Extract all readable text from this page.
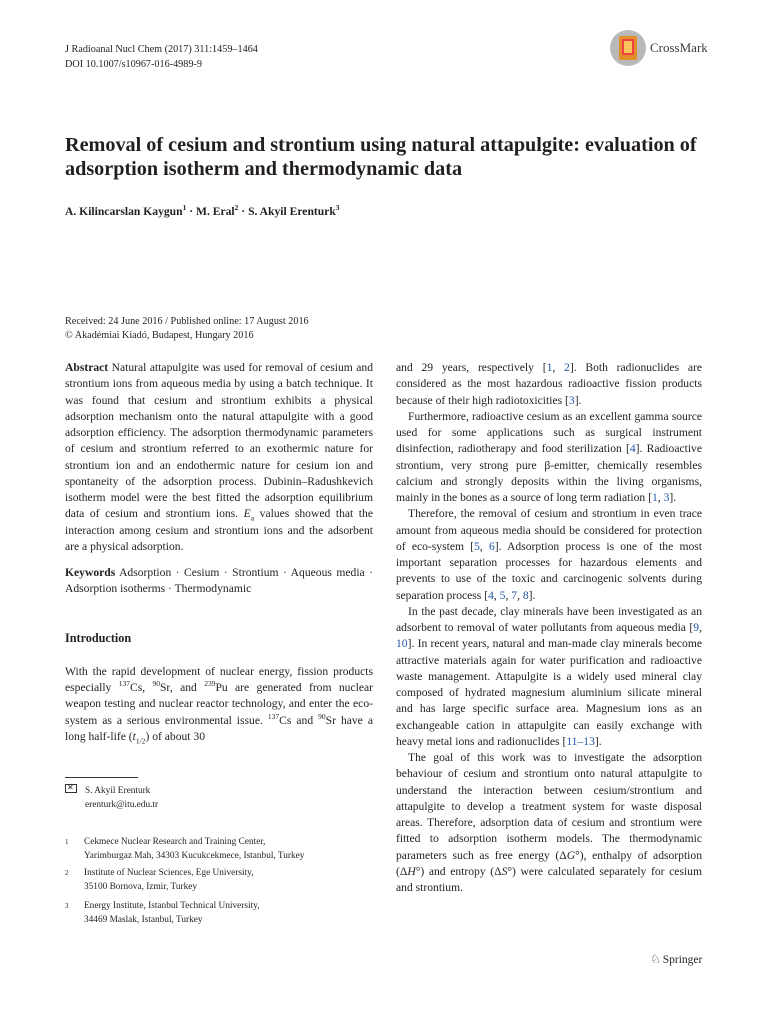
J Radioanal Nucl Chem (2017) 311:1459–1464
DOI 10.1007/s10967-016-4989-9
CrossMark
Removal of cesium and strontium using natural attapulgite: evaluation of adsorption isotherm and thermodynamic data
A. Kilincarslan Kaygun$^1$ · M. Eral$^2$ · S. Akyil Erenturk$^3$
Received: 24 June 2016 / Published online: 17 August 2016
© Akadémiai Kiadó, Budapest, Hungary 2016

Abstract Natural attapulgite was used for removal of cesium and strontium ions from aqueous media by using a batch technique. It was found that cesium and strontium exhibits a physical adsorption mechanism onto the natural attapulgite with a good adsorption efficiency. The adsorption thermodynamic parameters of cesium and strontium referred to an exothermic nature for strontium ion and an endothermic nature for cesium ion and spontaneity of the adsorption process. Dubinin–Radushkevich isotherm model were the best fitted the adsorption equilibrium data of cesium and strontium ions. $E_a$ values showed that the interaction among cesium and strontium ions and the adsorbent are a physical adsorption.

Keywords Adsorption · Cesium · Strontium · Aqueous media · Adsorption isotherms · Thermodynamic

Introduction

With the rapid development of nuclear energy, fission products especially $^{137}$Cs, $^{90}$Sr, and $^{239}$Pu are generated from nuclear weapon testing and nuclear reactor technology, and enter the eco-system as a serious environmental issue. $^{137}$Cs and $^{90}$Sr have a long half-life $(t_{1/2})$ of about 30

and 29 years, respectively [1, 2]. Both radionuclides are considered as the most hazardous radioactive fission products because of their high radiotoxicities [3].

Furthermore, radioactive cesium as an excellent gamma source used for some applications such as surgical instrument disinfection, radiotherapy and food sterilization [4]. Radioactive strontium, very strong pure β-emitter, chemically resembles calcium and strongly deposits within the living organisms, mainly in the bones as a source of long term radiation [1, 3].

Therefore, the removal of cesium and strontium in even trace amount from aqueous media should be considered for protection of eco-system [5, 6]. Adsorption process is one of the most important separation processes for hazardous elements and prevents to use of the toxic and carcinogenic solvents during separation process [4, 5, 7, 8].

In the past decade, clay minerals have been investigated as an adsorbent to removal of water pollutants from aqueous media [9, 10]. In recent years, natural and man-made clay minerals become attractive materials again for water purification and radioactive waste management. Attapulgite is a widely used mineral clay composed of hydrated magnesium aluminium silicate mineral and has large specific surface area. Magnesium ions as an exchangeable cation in attapulgite can easily exchange with heavy metal ions and radionuclides [11–13].

The goal of this work was to investigate the adsorption behaviour of cesium and strontium onto natural attapulgite to understand the interaction between cesium/strontium and attapulgite to develop a treatment system for waste disposal areas. Therefore, adsorption data of cesium and strontium were fitted to adsorption isotherm models. The thermodynamic parameters such as free energy (ΔG°), enthalpy of adsorption (ΔH°) and entropy (ΔS°) were calculated separately for cesium and strontium.

✕S. Akyil Erenturk
erenturk@itu.edu.tr
1 Cekmece Nuclear Research and Training Center,
Yarimburgaz Mah, 34303 Kucukcekmece, Istanbul, Turkey
2 Institute of Nuclear Sciences, Ege University,
35100 Bornova, Izmir, Turkey
3 Energy Institute, Istanbul Technical University,
34469 Maslak, Istanbul, Turkey
♘ Springer
